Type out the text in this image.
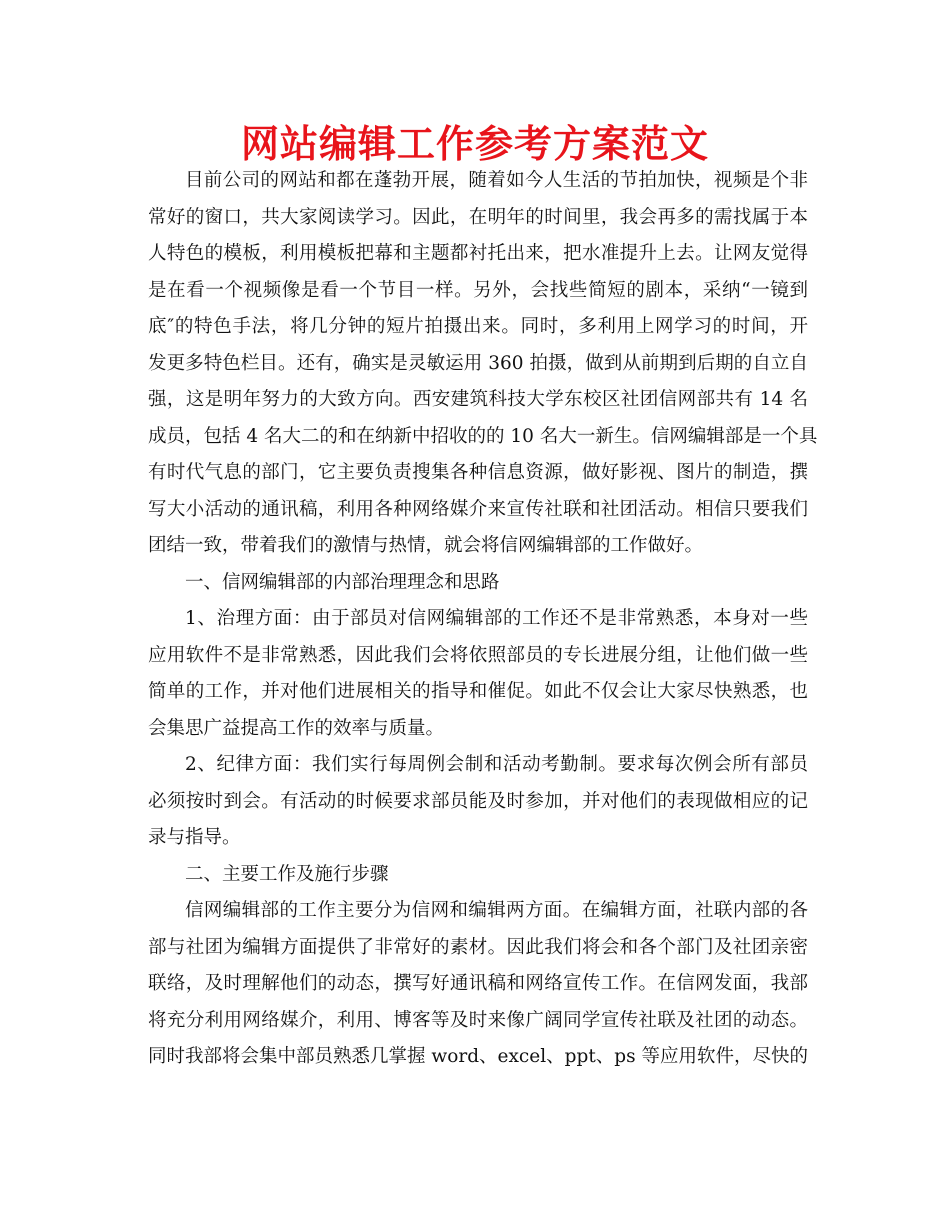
网站编辑工作参考方案范文
目前公司的网站和都在蓬勃开展，随着如今人生活的节拍加快，视频是个非
常好的窗口，共大家阅读学习。因此，在明年的时间里，我会再多的需找属于本
人特色的模板，利用模板把幕和主题都衬托出来，把水准提升上去。让网友觉得
是在看一个视频像是看一个节目一样。另外，会找些简短的剧本，采纳“一镜到
底″的特色手法，将几分钟的短片拍摄出来。同时，多利用上网学习的时间，开
发更多特色栏目。还有，确实是灵敏运用 360 拍摄，做到从前期到后期的自立自
强，这是明年努力的大致方向。西安建筑科技大学东校区社团信网部共有 14 名
成员，包括 4 名大二的和在纳新中招收的的 10 名大一新生。信网编辑部是一个具
有时代气息的部门，它主要负责搜集各种信息资源，做好影视、图片的制造，撰
写大小活动的通讯稿，利用各种网络媒介来宣传社联和社团活动。相信只要我们
团结一致，带着我们的激情与热情，就会将信网编辑部的工作做好。
一、信网编辑部的内部治理理念和思路
1、治理方面：由于部员对信网编辑部的工作还不是非常熟悉，本身对一些
应用软件不是非常熟悉，因此我们会将依照部员的专长进展分组，让他们做一些
简单的工作，并对他们进展相关的指导和催促。如此不仅会让大家尽快熟悉，也
会集思广益提高工作的效率与质量。
2、纪律方面：我们实行每周例会制和活动考勤制。要求每次例会所有部员
必须按时到会。有活动的时候要求部员能及时参加，并对他们的表现做相应的记
录与指导。
二、主要工作及施行步骤
信网编辑部的工作主要分为信网和编辑两方面。在编辑方面，社联内部的各
部与社团为编辑方面提供了非常好的素材。因此我们将会和各个部门及社团亲密
联络，及时理解他们的动态，撰写好通讯稿和网络宣传工作。在信网发面，我部
将充分利用网络媒介，利用、博客等及时来像广阔同学宣传社联及社团的动态。
同时我部将会集中部员熟悉几掌握 word、excel、ppt、ps 等应用软件，尽快的
